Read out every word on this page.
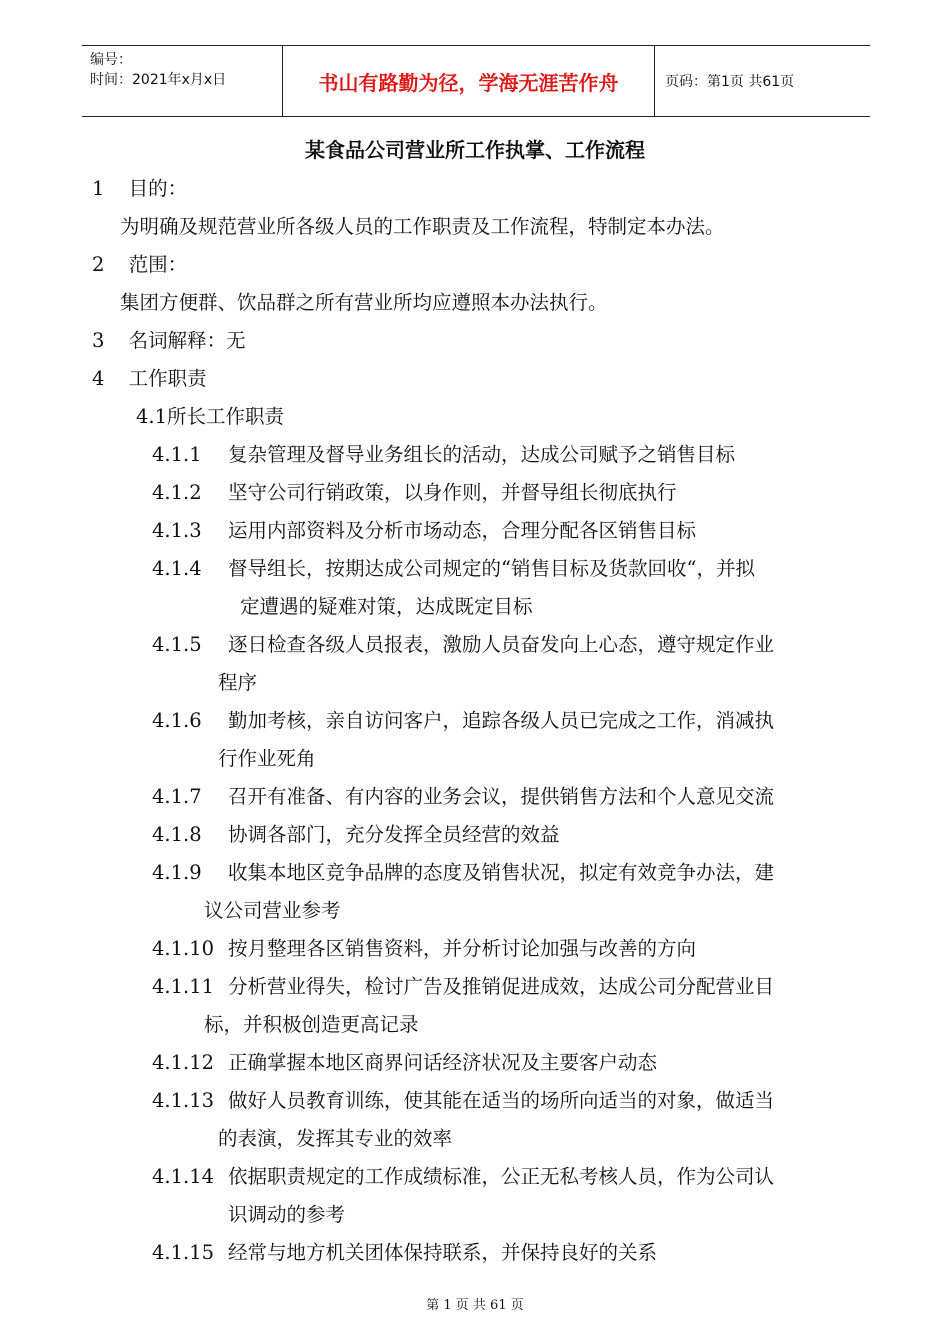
编号：
时间：2021年x月x日	书山有路勤为径，学海无涯苦作舟	页码：第1页 共61页
某食品公司营业所工作执掌、工作流程
1 目的：
为明确及规范营业所各级人员的工作职责及工作流程，特制定本办法。
2 范围：
集团方便群、饮品群之所有营业所均应遵照本办法执行。
3 名词解释：无
4 工作职责
4.1所长工作职责
4.1.1 复杂管理及督导业务组长的活动，达成公司赋予之销售目标
4.1.2 坚守公司行销政策，以身作则，并督导组长彻底执行
4.1.3 运用内部资料及分析市场动态，合理分配各区销售目标
4.1.4 督导组长，按期达成公司规定的“销售目标及货款回收“，并拟
定遭遇的疑难对策，达成既定目标
4.1.5 逐日检查各级人员报表，激励人员奋发向上心态，遵守规定作业
程序
4.1.6 勤加考核，亲自访问客户，追踪各级人员已完成之工作，消减执
行作业死角
4.1.7 召开有准备、有内容的业务会议，提供销售方法和个人意见交流
4.1.8 协调各部门，充分发挥全员经营的效益
4.1.9 收集本地区竞争品牌的态度及销售状况，拟定有效竞争办法，建
议公司营业参考
4.1.10 按月整理各区销售资料，并分析讨论加强与改善的方向
4.1.11 分析营业得失，检讨广告及推销促进成效，达成公司分配营业目
标，并积极创造更高记录
4.1.12 正确掌握本地区商界问话经济状况及主要客户动态
4.1.13 做好人员教育训练，使其能在适当的场所向适当的对象，做适当
的表演，发挥其专业的效率
4.1.14 依据职责规定的工作成绩标准，公正无私考核人员，作为公司认
识调动的参考
4.1.15 经常与地方机关团体保持联系，并保持良好的关系
第 1 页 共 61 页
